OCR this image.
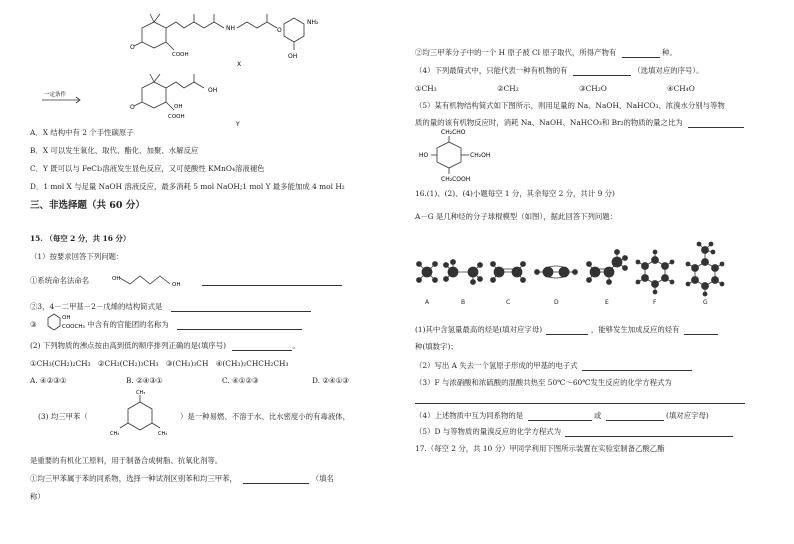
O
COOH
NH	O
NH₂
OH
X
一定条件
O	OH
OH
COOH
Y
A．X 结构中有 2 个手性碳原子
B．X 可以发生氧化、取代、酯化、加聚、水解反应
C．Y 既可以与 FeCl₃溶液发生显色反应，又可使酸性 KMnO₄溶液褪色
D．1 mol X 与足量 NaOH 溶液反应，最多消耗 5 mol NaOH;1 mol Y 最多能加成 4 mol H₂
三、非选择题（共 60 分）
15. （每空 2 分，共 16 分）
（1）按要求回答下列问题：
①系统命名法命名	OH
OH
②3，4－二甲基－2－戊烯的结构简式是
③	中含有的官能团的名称为
OH
COOCH₃
(2) 下列物质的沸点按由高到低的顺序排列正确的是(填序号)	。
①CH₃(CH₂)₂CH₃　②CH₃(CH₂)₃CH₃　③(CH₃)₃CH　④(CH₃)₂CHCH₂CH₃
A. ④②③①	B. ②④③①	C. ④①②③	D. ②④①③
CH₃
CH₃
CH₃
(3) 均三甲苯（	）是一种易燃、不溶于水、比水密度小的有毒液体，
是重要的有机化工原料，用于制备合成树脂、抗氧化剂等。
①均三甲苯属于苯的同系物，选择一种试剂区别苯和均三甲苯，	（填名
称）
②均三甲苯分子中的一个 H 原子被 Cl 原子取代，所得产物有	种。
（4）下列最简式中，只能代表一种有机物的有	（选填对应的序号）。
①CH₃	②CH₂	③CH₂O	④CH₄O
（5）某有机物结构简式如下图所示，则用足量的 Na、NaOH、NaHCO₃、浓溴水分别与等物
质的量的该有机物反应时，消耗 Na、NaOH、NaHCO₃和 Br₂的物质的量之比为
CH₂CHO
HO	CH₂OH
CH₂COOH
16.(1)、(2)、(4)小题每空 1 分，其余每空 2 分，共计 9 分)
A－G 是几种烃的分子球棍模型（如图），据此回答下列问题：
A	B	C	D	E	F	G
(1)其中含氢量最高的烃是(填对应字母)	，能够发生加成反应的烃有
种(填数字)；
（2）写出 A 失去一个氢原子形成的甲基的电子式
（3）F 与浓硝酸和浓硫酸的混酸共热至 50℃～60℃发生反应的化学方程式为
（4）上述物质中互为同系物的是	或	(填对应字母)
（5）D 与等物质的量溴反应的化学方程式为
17.（每空 2 分，共 10 分）甲同学利用下图所示装置在实验室制备乙酸乙酯
